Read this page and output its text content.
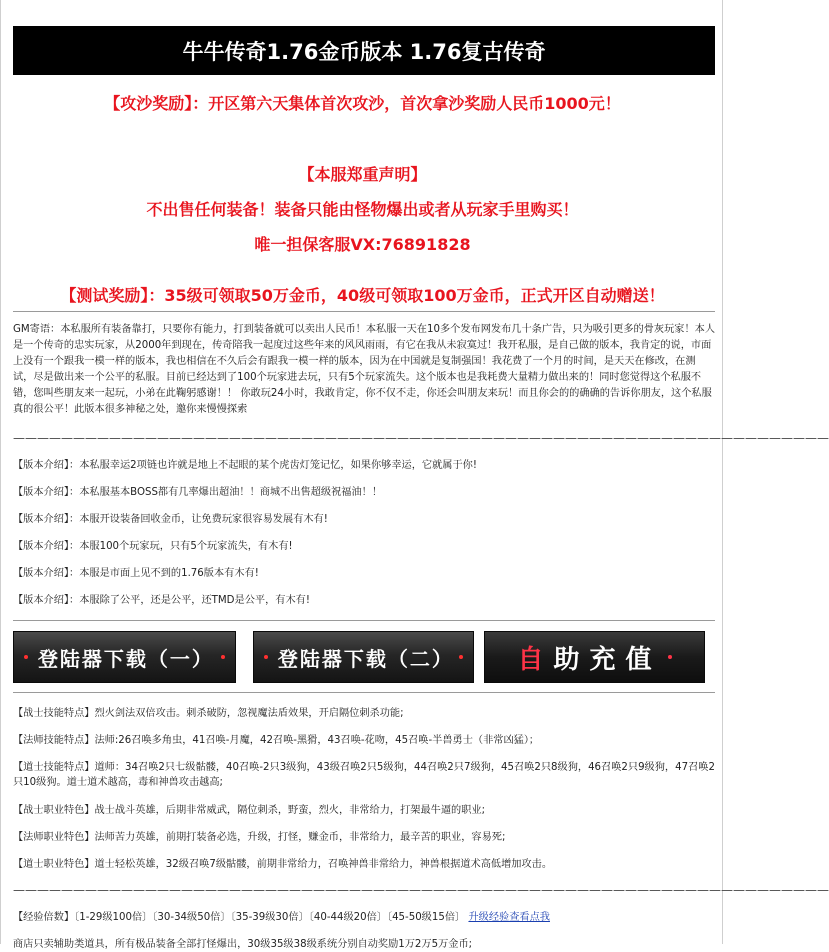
牛牛传奇1.76金币版本 1.76复古传奇
【攻沙奖励】：开区第六天集体首次攻沙，首次拿沙奖励人民币1000元！
【本服郑重声明】
不出售任何装备！装备只能由怪物爆出或者从玩家手里购买！
唯一担保客服VX:76891828
【测试奖励】：35级可领取50万金币，40级可领取100万金币，正式开区自动赠送！
GM寄语：本私服所有装备靠打，只要你有能力，打到装备就可以卖出人民币！本私服一天在10多个发布网发布几十条广告，只为吸引更多的骨灰玩家！本人是一个传奇的忠实玩家，从2000年到现在，传奇陪我一起度过这些年来的风风雨雨，有它在我从未寂寞过！我开私服，是自己做的版本，我肯定的说，市面上没有一个跟我一模一样的版本，我也相信在不久后会有跟我一模一样的版本，因为在中国就是复制强国！我花费了一个月的时间，是天天在修改，在测试，尽是做出来一个公平的私服。目前已经达到了100个玩家进去玩，只有5个玩家流失。这个版本也是我耗费大量精力做出来的！同时您觉得这个私服不错，您叫些朋友来一起玩，小弟在此鞠躬感谢！！ 你敢玩24小时，我敢肯定，你不仅不走，你还会叫朋友来玩！而且你会的的确确的告诉你朋友，这个私服真的很公平！此版本很多神秘之处，邀你来慢慢探索
————————————————————————————————————————————————————————————————————
【版本介绍】：本私服幸运2项链也许就是地上不起眼的某个虎齿灯笼记忆，如果你够幸运，它就属于你!
【版本介绍】：本私服基本BOSS都有几率爆出超油！！商城不出售超级祝福油！！
【版本介绍】：本服开设装备回收金币，让免费玩家很容易发展有木有!
【版本介绍】：本服100个玩家玩，只有5个玩家流失，有木有!
【版本介绍】：本服是市面上见不到的1.76版本有木有!
【版本介绍】：本服除了公平，还是公平，还TMD是公平，有木有!
登陆器下载（一）	登陆器下载（二） 自 助充值
【战士技能特点】烈火剑法双倍攻击。刺杀破防，忽视魔法盾效果，开启隔位刺杀功能;
【法师技能特点】法师:26召唤多角虫，41召唤-月魔，42召唤-黑猾，43召唤-花吻，45召唤-半兽勇士（非常凶猛）；
【道士技能特点】道师：34召唤2只七级骷髅，40召唤-2只3级狗，43级召唤2只5级狗，44召唤2只7级狗，45召唤2只8级狗，46召唤2只9级狗，47召唤2只10级狗。道士道术越高，毒和神兽攻击越高;
【战士职业特色】战士战斗英雄，后期非常威武，隔位刺杀，野蛮，烈火，非常给力，打架最牛逼的职业;
【法师职业特色】法师苦力英雄，前期打装备必选，升级，打怪，赚金币，非常给力，最辛苦的职业，容易死;
【道士职业特色】道士轻松英雄，32级召唤7级骷髅，前期非常给力，召唤神兽非常给力，神兽根据道术高低增加攻击。
————————————————————————————————————————————————————————————————————
【经验倍数】〔1-29级100倍〕〔30-34级50倍〕〔35-39级30倍〕〔40-44级20倍〕〔45-50级15倍〕 升级经验查看点我
商店只卖辅助类道具，所有极品装备全部打怪爆出，30级35级38级系统分别自动奖励1万2万5万金币;
